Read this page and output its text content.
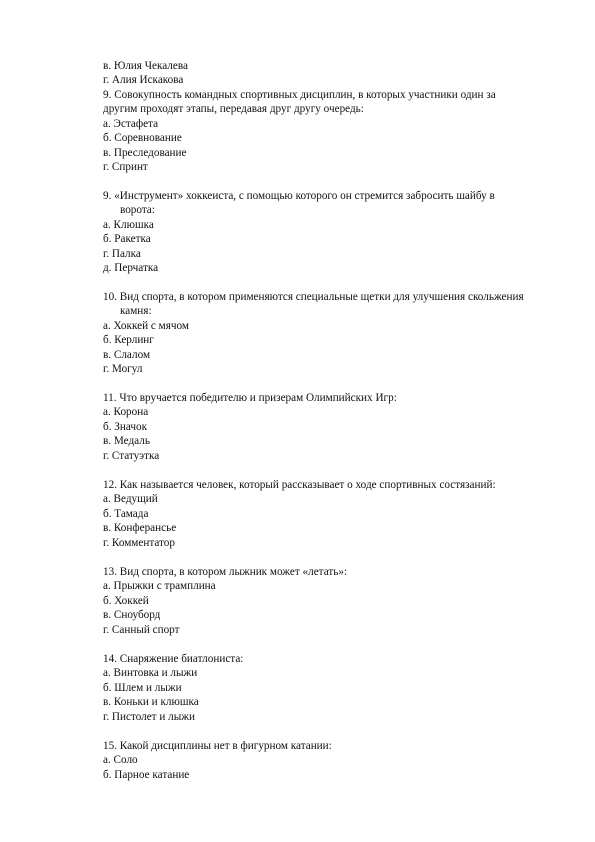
в. Юлия Чекалева
г. Алия Искакова
9. Совокупность командных спортивных дисциплин, в которых участники один за
другим проходят этапы, передавая друг другу очередь:
а. Эстафета
б. Соревнование
в. Преследование
г. Спринт
9. «Инструмент» хоккеиста, с помощью которого он стремится забросить шайбу в
воротa:
а. Клюшка
б. Ракетка
г. Палка
д. Перчатка
10. Вид спорта, в котором применяются специальные щетки для улучшения скольжения
камня:
а. Хоккей с мячом
б. Керлинг
в. Слалом
г. Могул
11. Что вручается победителю и призерам Олимпийских Игр:
а. Корона
б. Значок
в. Медаль
г. Статуэтка
12. Как называется человек, который рассказывает о ходе спортивных состязаний:
а. Ведущий
б. Тамада
в. Конферансье
г. Комментатор
13. Вид спорта, в котором лыжник может «летать»:
а. Прыжки с трамплина
б. Хоккей
в. Сноуборд
г. Санный спорт
14. Снаряжение биатлониста:
а. Винтовка и лыжи
б. Шлем и лыжи
в. Коньки и клюшка
г. Пистолет и лыжи
15. Какой дисциплины нет в фигурном катании:
а. Соло
б. Парное катание
